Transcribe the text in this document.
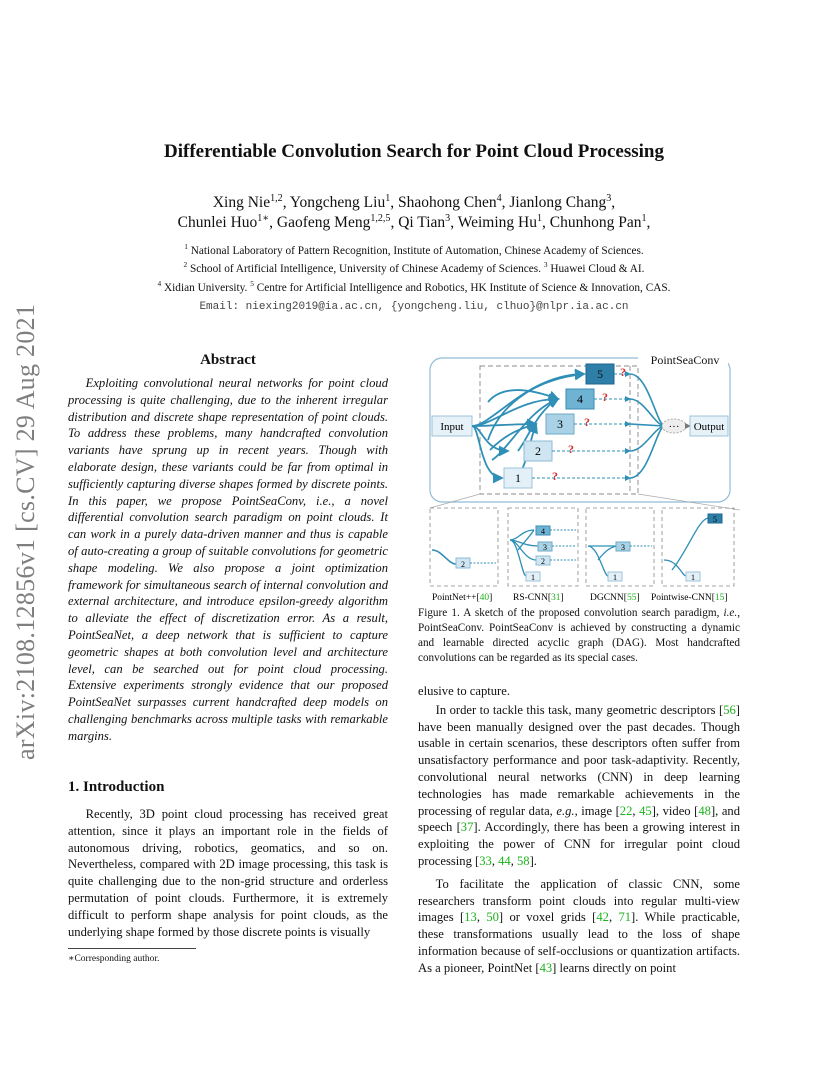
arXiv:2108.12856v1 [cs.CV] 29 Aug 2021
Differentiable Convolution Search for Point Cloud Processing
Xing Nie$^{1,2}$, Yongcheng Liu$^1$, Shaohong Chen$^4$, Jianlong Chang$^3$,
Chunlei Huo$^{1∗}$, Gaofeng Meng$^{1,2,5}$, Qi Tian$^3$, Weiming Hu$^1$, Chunhong Pan$^1$,
$^1$ National Laboratory of Pattern Recognition, Institute of Automation, Chinese Academy of Sciences.
$^2$ School of Artificial Intelligence, University of Chinese Academy of Sciences. $^3$ Huawei Cloud & AI.
$^4$ Xidian University. $^5$ Centre for Artificial Intelligence and Robotics, HK Institute of Science & Innovation, CAS.
Email: niexing2019@ia.ac.cn, {yongcheng.liu, clhuo}@nlpr.ia.ac.cn
Abstract

Exploiting convolutional neural networks for point cloud processing is quite challenging, due to the inherent irregular distribution and discrete shape representation of point clouds. To address these problems, many handcrafted convolution variants have sprung up in recent years. Though with elaborate design, these variants could be far from optimal in sufficiently capturing diverse shapes formed by discrete points. In this paper, we propose PointSeaConv, i.e., a novel differential convolution search paradigm on point clouds. It can work in a purely data-driven manner and thus is capable of auto-creating a group of suitable convolutions for geometric shape modeling. We also propose a joint optimization framework for simultaneous search of internal convolution and external architecture, and introduce epsilon-greedy algorithm to alleviate the effect of discretization error. As a result, PointSeaNet, a deep network that is sufficient to capture geometric shapes at both convolution level and architecture level, can be searched out for point cloud processing. Extensive experiments strongly evidence that our proposed PointSeaNet surpasses current handcrafted deep models on challenging benchmarks across multiple tasks with remarkable margins.

1. Introduction

Recently, 3D point cloud processing has received great attention, since it plays an important role in the fields of autonomous driving, robotics, geomatics, and so on. Nevertheless, compared with 2D image processing, this task is quite challenging due to the non-grid structure and orderless permutation of point clouds. Furthermore, it is extremely difficult to perform shape analysis for point clouds, as the underlying shape formed by those discrete points is visually

∗Corresponding author.
PointSeaConv
Input
1
2
3
4
5
?
?
?
?
?
··· Output
2
4
3
2
1
3
1
5
1
PointNet++[40] RS-CNN[31]	DGCNN[55] Pointwise-CNN[15]
Figure 1. A sketch of the proposed convolution search paradigm, i.e., PointSeaConv. PointSeaConv is achieved by constructing a dynamic and learnable directed acyclic graph (DAG). Most handcrafted convolutions can be regarded as its special cases.

elusive to capture.

In order to tackle this task, many geometric descriptors [56] have been manually designed over the past decades. Though usable in certain scenarios, these descriptors often suffer from unsatisfactory performance and poor task-adaptivity. Recently, convolutional neural networks (CNN) in deep learning technologies has made remarkable achievements in the processing of regular data, e.g., image [22, 45], video [48], and speech [37]. Accordingly, there has been a growing interest in exploiting the power of CNN for irregular point cloud processing [33, 44, 58].

To facilitate the application of classic CNN, some researchers transform point clouds into regular multi-view images [13, 50] or voxel grids [42, 71]. While practicable, these transformations usually lead to the loss of shape information because of self-occlusions or quantization artifacts. As a pioneer, PointNet [43] learns directly on point
